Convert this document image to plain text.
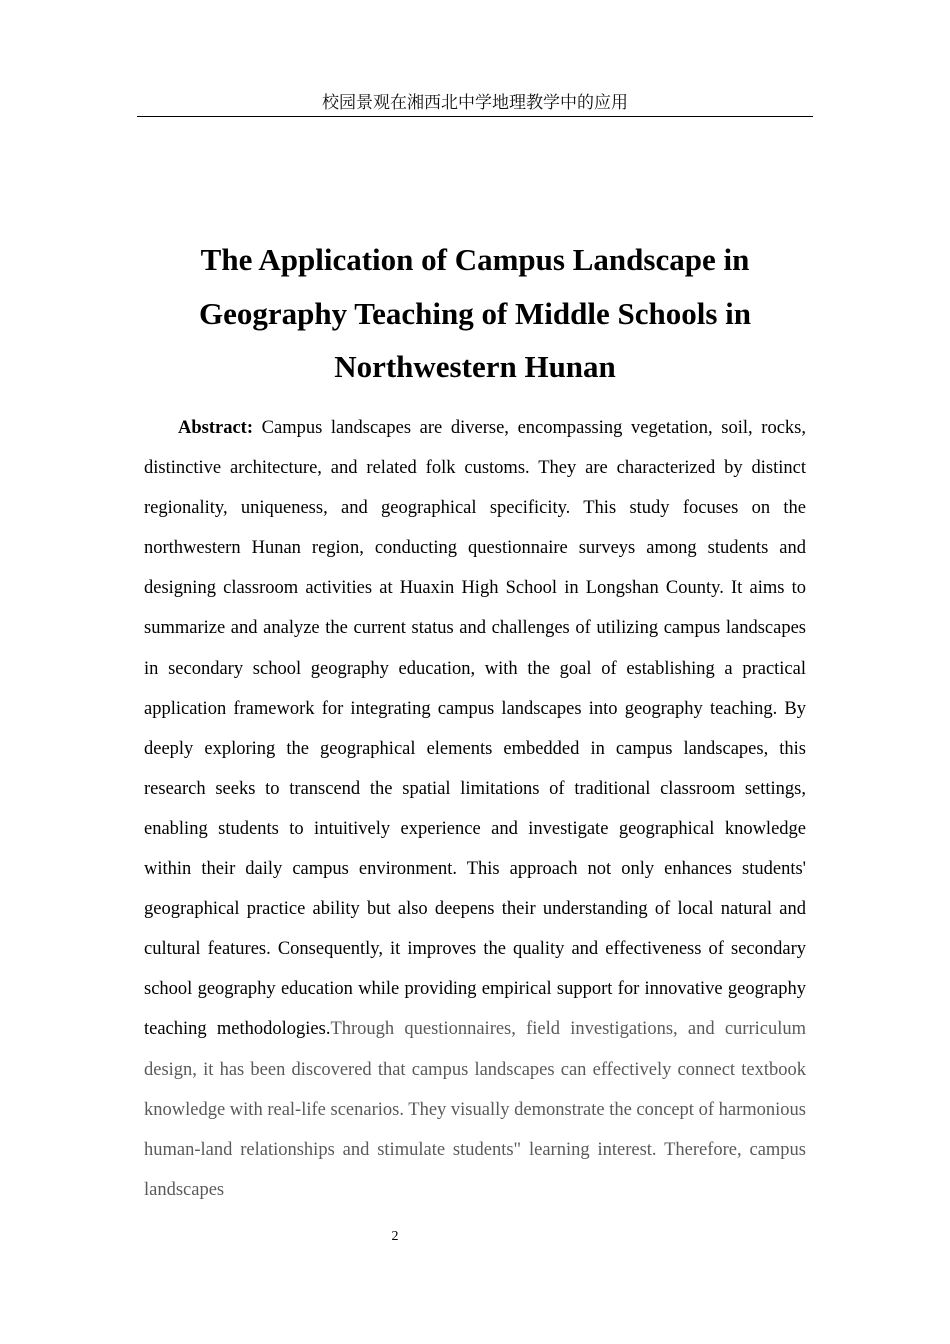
校园景观在湘西北中学地理教学中的应用
The Application of Campus Landscape in
Geography Teaching of Middle Schools in
Northwestern Hunan

Abstract: Campus landscapes are diverse, encompassing vegetation, soil, rocks, distinctive architecture, and related folk customs. They are characterized by distinct regionality, uniqueness, and geographical specificity. This study focuses on the northwestern Hunan region, conducting questionnaire surveys among students and designing classroom activities at Huaxin High School in Longshan County. It aims to summarize and analyze the current status and challenges of utilizing campus landscapes in secondary school geography education, with the goal of establishing a practical application framework for integrating campus landscapes into geography teaching. By deeply exploring the geographical elements embedded in campus landscapes, this research seeks to transcend the spatial limitations of traditional classroom settings, enabling students to intuitively experience and investigate geographical knowledge within their daily campus environment. This approach not only enhances students' geographical practice ability but also deepens their understanding of local natural and cultural features. Consequently, it improves the quality and effectiveness of secondary school geography education while providing empirical support for innovative geography teaching methodologies.Through questionnaires, field investigations, and curriculum design, it has been discovered that campus landscapes can effectively connect textbook knowledge with real-life scenarios. They visually demonstrate the concept of harmonious human-land relationships and stimulate students" learning interest. Therefore, campus landscapes

2
